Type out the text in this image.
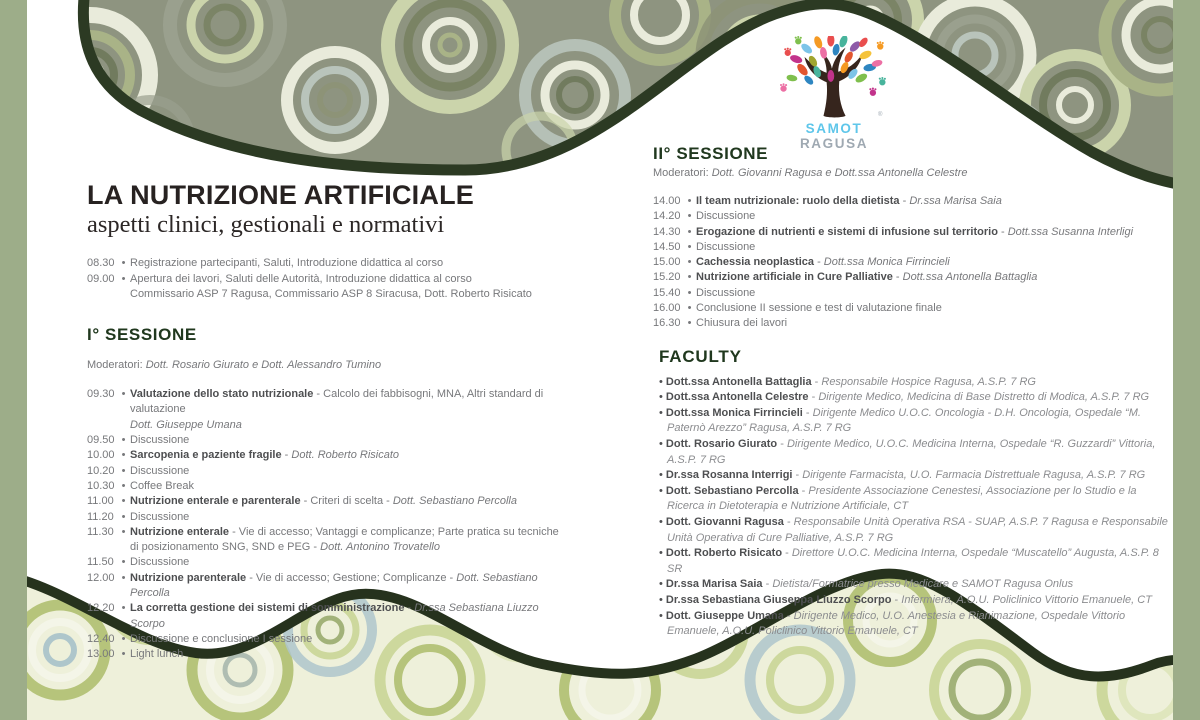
®
SAMOT RAGUSA
LA NUTRIZIONE ARTIFICIALE
aspetti clinici, gestionali e normativi
08.30 • Registrazione partecipanti, Saluti, Introduzione didattica al corso
09.00 • Apertura dei lavori, Saluti delle Autorità, Introduzione didattica al corso
Commissario ASP 7 Ragusa, Commissario ASP 8 Siracusa, Dott. Roberto Risicato
I° SESSIONE
Moderatori: Dott. Rosario Giurato e Dott. Alessandro Tumino
09.30 • Valutazione dello stato nutrizionale - Calcolo dei fabbisogni, MNA, Altri standard di valutazione
Dott. Giuseppe Umana
09.50 • Discussione
10.00 • Sarcopenia e paziente fragile - Dott. Roberto Risicato
10.20 • Discussione
10.30 • Coffee Break
11.00 • Nutrizione enterale e parenterale - Criteri di scelta - Dott. Sebastiano Percolla
11.20 • Discussione
11.30 • Nutrizione enterale - Vie di accesso; Vantaggi e complicanze; Parte pratica su tecniche
di posizionamento SNG, SND e PEG - Dott. Antonino Trovatello
11.50 • Discussione
12.00 • Nutrizione parenterale - Vie di accesso; Gestione; Complicanze - Dott. Sebastiano Percolla
12.20 • La corretta gestione dei sistemi di somministrazione - Dr.ssa Sebastiana Liuzzo Scorpo
12.40 • Discussione e conclusione I sessione
13.00 • Light lunch
II° SESSIONE
Moderatori: Dott. Giovanni Ragusa e Dott.ssa Antonella Celestre
14.00 • Il team nutrizionale: ruolo della dietista - Dr.ssa Marisa Saia
14.20 • Discussione
14.30 • Erogazione di nutrienti e sistemi di infusione sul territorio - Dott.ssa Susanna Interligi
14.50 • Discussione
15.00 • Cachessia neoplastica - Dott.ssa Monica Firrincieli
15.20 • Nutrizione artificiale in Cure Palliative - Dott.ssa Antonella Battaglia
15.40 • Discussione
16.00 • Conclusione II sessione e test di valutazione finale
16.30 • Chiusura dei lavori
FACULTY
• Dott.ssa Antonella Battaglia - Responsabile Hospice Ragusa, A.S.P. 7 RG
• Dott.ssa Antonella Celestre - Dirigente Medico, Medicina di Base Distretto di Modica, A.S.P. 7 RG
• Dott.ssa Monica Firrincieli - Dirigente Medico U.O.C. Oncologia - D.H. Oncologia, Ospedale “M. Paternò Arezzo” Ragusa, A.S.P. 7 RG
• Dott. Rosario Giurato - Dirigente Medico, U.O.C. Medicina Interna, Ospedale “R. Guzzardi” Vittoria, A.S.P. 7 RG
• Dr.ssa Rosanna Interrigi - Dirigente Farmacista, U.O. Farmacia Distrettuale Ragusa, A.S.P. 7 RG
• Dott. Sebastiano Percolla - Presidente Associazione Cenestesi, Associazione per lo Studio e la Ricerca in Dietoterapia e Nutrizione Artificiale, CT
• Dott. Giovanni Ragusa - Responsabile Unità Operativa RSA - SUAP, A.S.P. 7 Ragusa e Responsabile Unità Operativa di Cure Palliative, A.S.P. 7 RG
• Dott. Roberto Risicato - Direttore U.O.C. Medicina Interna, Ospedale “Muscatello” Augusta, A.S.P. 8 SR
• Dr.ssa Marisa Saia - Dietista/Formatrice presso Medicare e SAMOT Ragusa Onlus
• Dr.ssa Sebastiana Giuseppa Liuzzo Scorpo - Infermiera, A.O.U. Policlinico Vittorio Emanuele, CT
• Dott. Giuseppe Umana - Dirigente Medico, U.O. Anestesia e Rianimazione, Ospedale Vittorio Emanuele, A.O.U. Policlinico Vittorio Emanuele, CT
